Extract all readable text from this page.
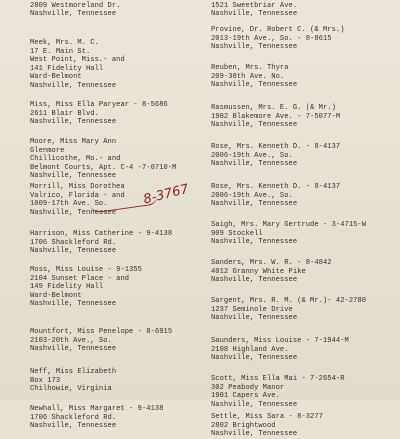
2809 Westmoreland Dr.
Nashville, Tennessee
Meek, Mrs. M. C.
17 E. Main St.
West Point, Miss.- and
141 Fidelity Hall
Ward-Belmont
Nashville, Tennessee
Miss, Miss Ella Paryear - 8-5686
2611 Blair Blvd.
Nashville, Tennessee
Moore, Miss Mary Ann
Glenmore
Chillicothe, Mo.- and
Belmont Courts, Apt. C-4 -7-0710-M
Nashville, Tennessee
Morrill, Miss Dorothea
Valrico, Florida - and
1009-17th Ave. So.
Nashville, Tennessee
Harrison, Miss Catherine - 9-4138
1706 Shackleford Rd.
Nashville, Tennessee
Moss, Miss Louise - 9-1355
2104 Sunset Place - and
149 Fidelity Hall
Ward-Belmont
Nashville, Tennessee
Mountfort, Miss Penelope - 8-6915
2103-20th Ave., So.
Nashville, Tennessee
Neff, Miss Elizabeth
Box 173
Chilhowie, Virginia
Newhall, Miss Margaret - 9-4138
1706 Shackleford Rd.
Nashville, Tennessee
1521 Sweetbriar Ave.
Nashville, Tennessee
Provine, Dr. Robert C. (& Mrs.)
2013-19th Ave., So. - 8-8615
Nashville, Tennessee
Reuben, Mrs. Thyra
209-38th Ave. No.
Nashville, Tennessee
Rasmussen, Mrs. E. G. (& Mr.)
1902 Blakemore Ave. - 7-5077-M
Nashville, Tennessee
Rose, Mrs. Kenneth D. - 8-4137
2006-19th Ave., So.
Nashville, Tennessee
Rose, Mrs. Kenneth D. - 8-4137
2006-19th Ave., So.
Nashville, Tennessee
Saigh, Mrs. Mary Gertrude - 3-4715-W
909 Stockell
Nashville, Tennessee
Sanders, Mrs. W. R. - 8-4842
4012 Granny White Pike
Nashville, Tennessee
Sargent, Mrs. R. M. (& Mr.)- 42-2780
1237 Seminole Drive
Nashville, Tennessee
Saunders, Miss Louise - 7-1944-M
2108 Highland Ave.
Nashville, Tennessee
Scott, Miss Ella Mai - 7-2654-R
302 Peabody Manor
1901 Capers Ave.
Nashville, Tennessee
Settle, Miss Sara - 8-3277
2802 Brightwood
Nashville, Tennessee
8-3767
